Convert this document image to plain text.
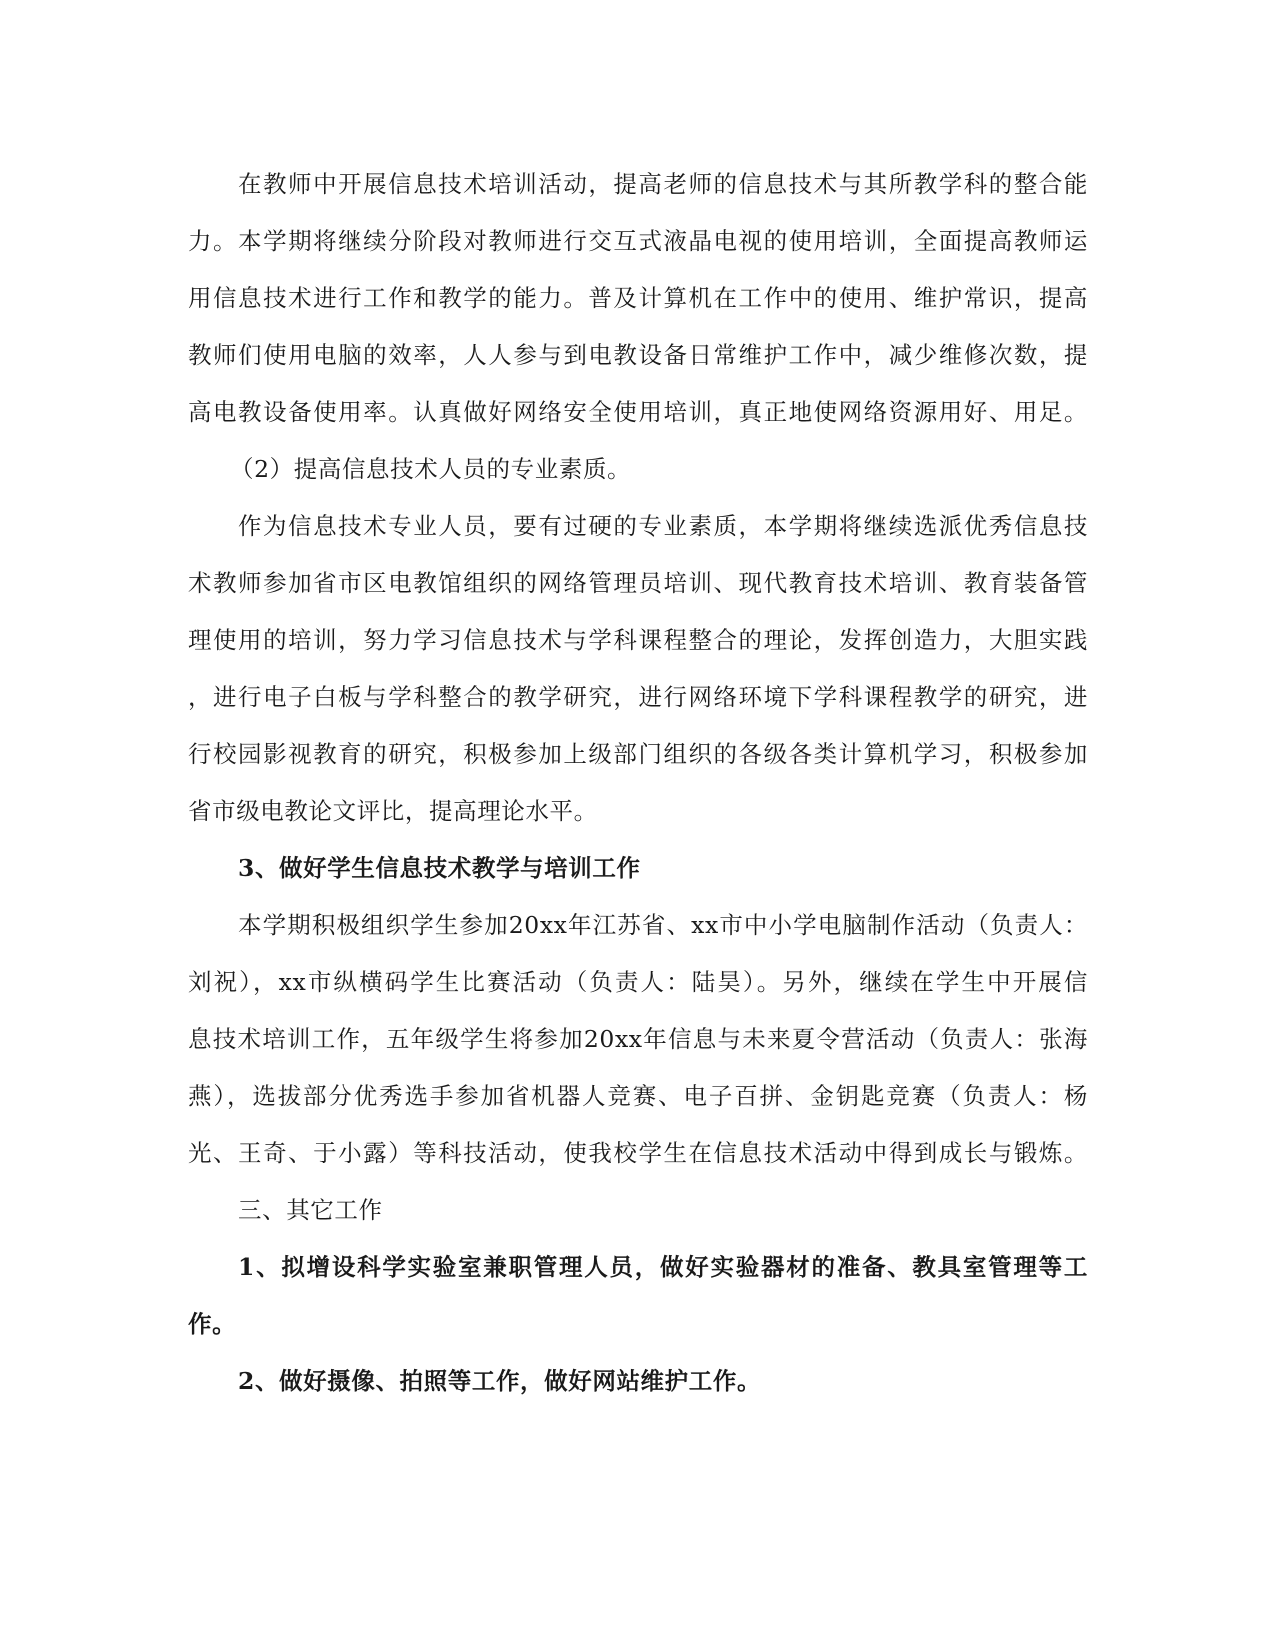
在教师中开展信息技术培训活动，提高老师的信息技术与其所教学科的整合能
力。本学期将继续分阶段对教师进行交互式液晶电视的使用培训，全面提高教师运
用信息技术进行工作和教学的能力。普及计算机在工作中的使用、维护常识，提高
教师们使用电脑的效率，人人参与到电教设备日常维护工作中，减少维修次数，提
高电教设备使用率。认真做好网络安全使用培训，真正地使网络资源用好、用足。
（2）提高信息技术人员的专业素质。
作为信息技术专业人员，要有过硬的专业素质，本学期将继续选派优秀信息技
术教师参加省市区电教馆组织的网络管理员培训、现代教育技术培训、教育装备管
理使用的培训，努力学习信息技术与学科课程整合的理论，发挥创造力，大胆实践
，进行电子白板与学科整合的教学研究，进行网络环境下学科课程教学的研究，进
行校园影视教育的研究，积极参加上级部门组织的各级各类计算机学习，积极参加
省市级电教论文评比，提高理论水平。
3、做好学生信息技术教学与培训工作
本学期积极组织学生参加20xx年江苏省、xx市中小学电脑制作活动（负责人：
刘祝），xx市纵横码学生比赛活动（负责人：陆昊）。另外，继续在学生中开展信
息技术培训工作，五年级学生将参加20xx年信息与未来夏令营活动（负责人：张海
燕），选拔部分优秀选手参加省机器人竞赛、电子百拼、金钥匙竞赛（负责人：杨
光、王奇、于小露）等科技活动，使我校学生在信息技术活动中得到成长与锻炼。
三、其它工作
1、拟增设科学实验室兼职管理人员，做好实验器材的准备、教具室管理等工
作。
2、做好摄像、拍照等工作，做好网站维护工作。
